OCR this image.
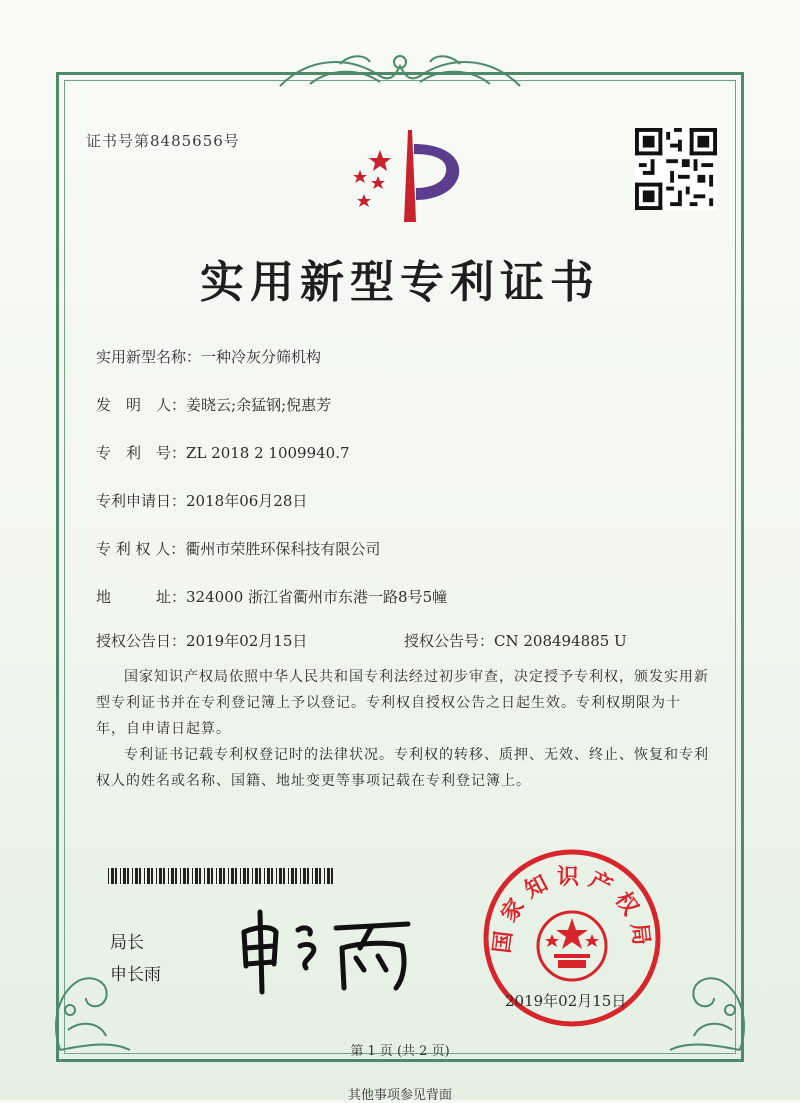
证书号第8485656号
实用新型专利证书
实用新型名称：一种冷灰分筛机构
发　明　人：姜晓云;余猛钢;倪惠芳
专　利　号：ZL 2018 2 1009940.7
专利申请日：2018年06月28日
专 利 权 人：衢州市荣胜环保科技有限公司
地　　　址：324000 浙江省衢州市东港一路8号5幢
授权公告日：2019年02月15日	授权公告号：CN 208494885 U
国家知识产权局依照中华人民共和国专利法经过初步审查，决定授予专利权，颁发实用新型专利证书并在专利登记簿上予以登记。专利权自授权公告之日起生效。专利权期限为十年，自申请日起算。
专利证书记载专利权登记时的法律状况。专利权的转移、质押、无效、终止、恢复和专利权人的姓名或名称、国籍、地址变更等事项记载在专利登记簿上。
局长
申长雨
国家知识产权局
2019年02月15日
第 1 页 (共 2 页)
其他事项参见背面
